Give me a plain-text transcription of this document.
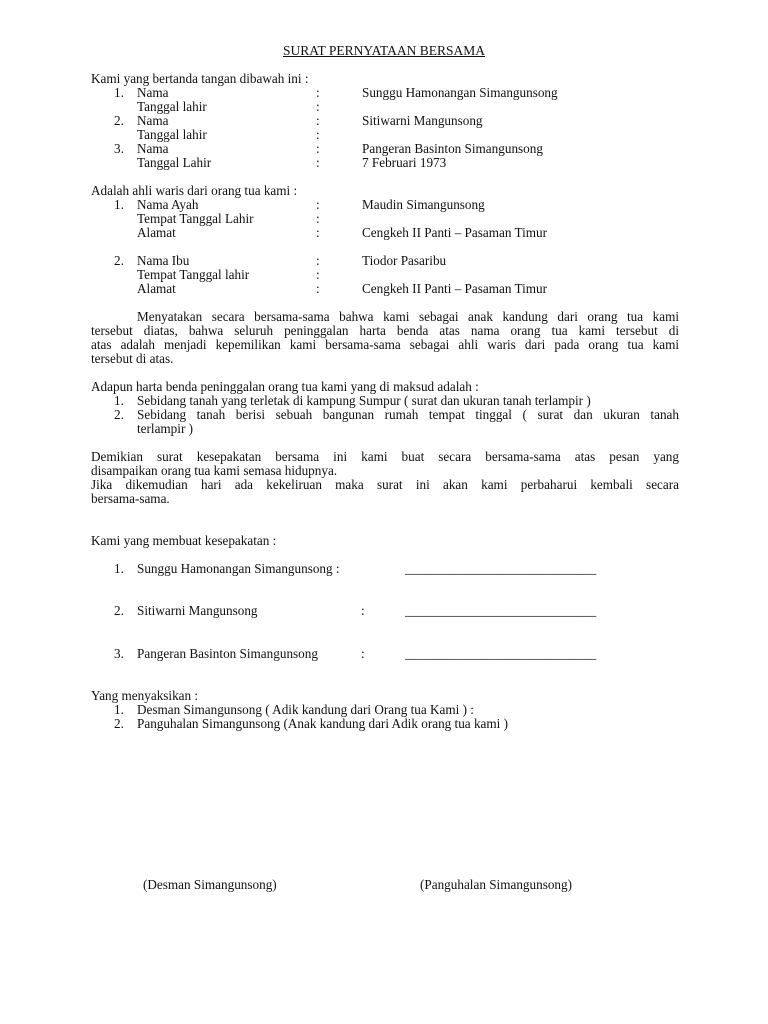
SURAT PERNYATAAN BERSAMA
Kami yang bertanda tangan dibawah ini :
1. Nama	:	Sunggu Hamonangan Simangunsong
Tanggal lahir	:
2. Nama	:	Sitiwarni Mangunsong
Tanggal lahir	:
3. Nama	:	Pangeran Basinton Simangunsong
Tanggal Lahir	:	7 Februari 1973
Adalah ahli waris dari orang tua kami :
1. Nama Ayah	:	Maudin Simangunsong
Tempat Tanggal Lahir	:
Alamat	:	Cengkeh II Panti – Pasaman Timur
2. Nama Ibu	:	Tiodor Pasaribu
Tempat Tanggal lahir	:
Alamat	:	Cengkeh II Panti – Pasaman Timur
Menyatakan secara bersama-sama bahwa kami sebagai anak kandung dari orang tua kami
tersebut diatas, bahwa seluruh peninggalan harta benda atas nama orang tua kami tersebut di
atas adalah menjadi kepemilikan kami bersama-sama sebagai ahli waris dari pada orang tua kami
tersebut di atas.
Adapun harta benda peninggalan orang tua kami yang di maksud adalah :
1. Sebidang tanah yang terletak di kampung Sumpur ( surat dan ukuran tanah terlampir )
2. Sebidang tanah berisi sebuah bangunan rumah tempat tinggal ( surat dan ukuran tanah
terlampir )
Demikian surat kesepakatan bersama ini kami buat secara bersama-sama atas pesan yang
disampaikan orang tua kami semasa hidupnya.
Jika dikemudian hari ada kekeliruan maka surat ini akan kami perbaharui kembali secara
bersama-sama.
Kami yang membuat kesepakatan :
1. Sunggu Hamonangan Simangunsong :	_____________________________
2. Sitiwarni Mangunsong	:	_____________________________
3. Pangeran Basinton Simangunsong	:	_____________________________
Yang menyaksikan :
1. Desman Simangunsong ( Adik kandung dari Orang tua Kami ) :
2. Panguhalan Simangunsong (Anak kandung dari Adik orang tua kami )
(Desman Simangunsong)	(Panguhalan Simangunsong)
